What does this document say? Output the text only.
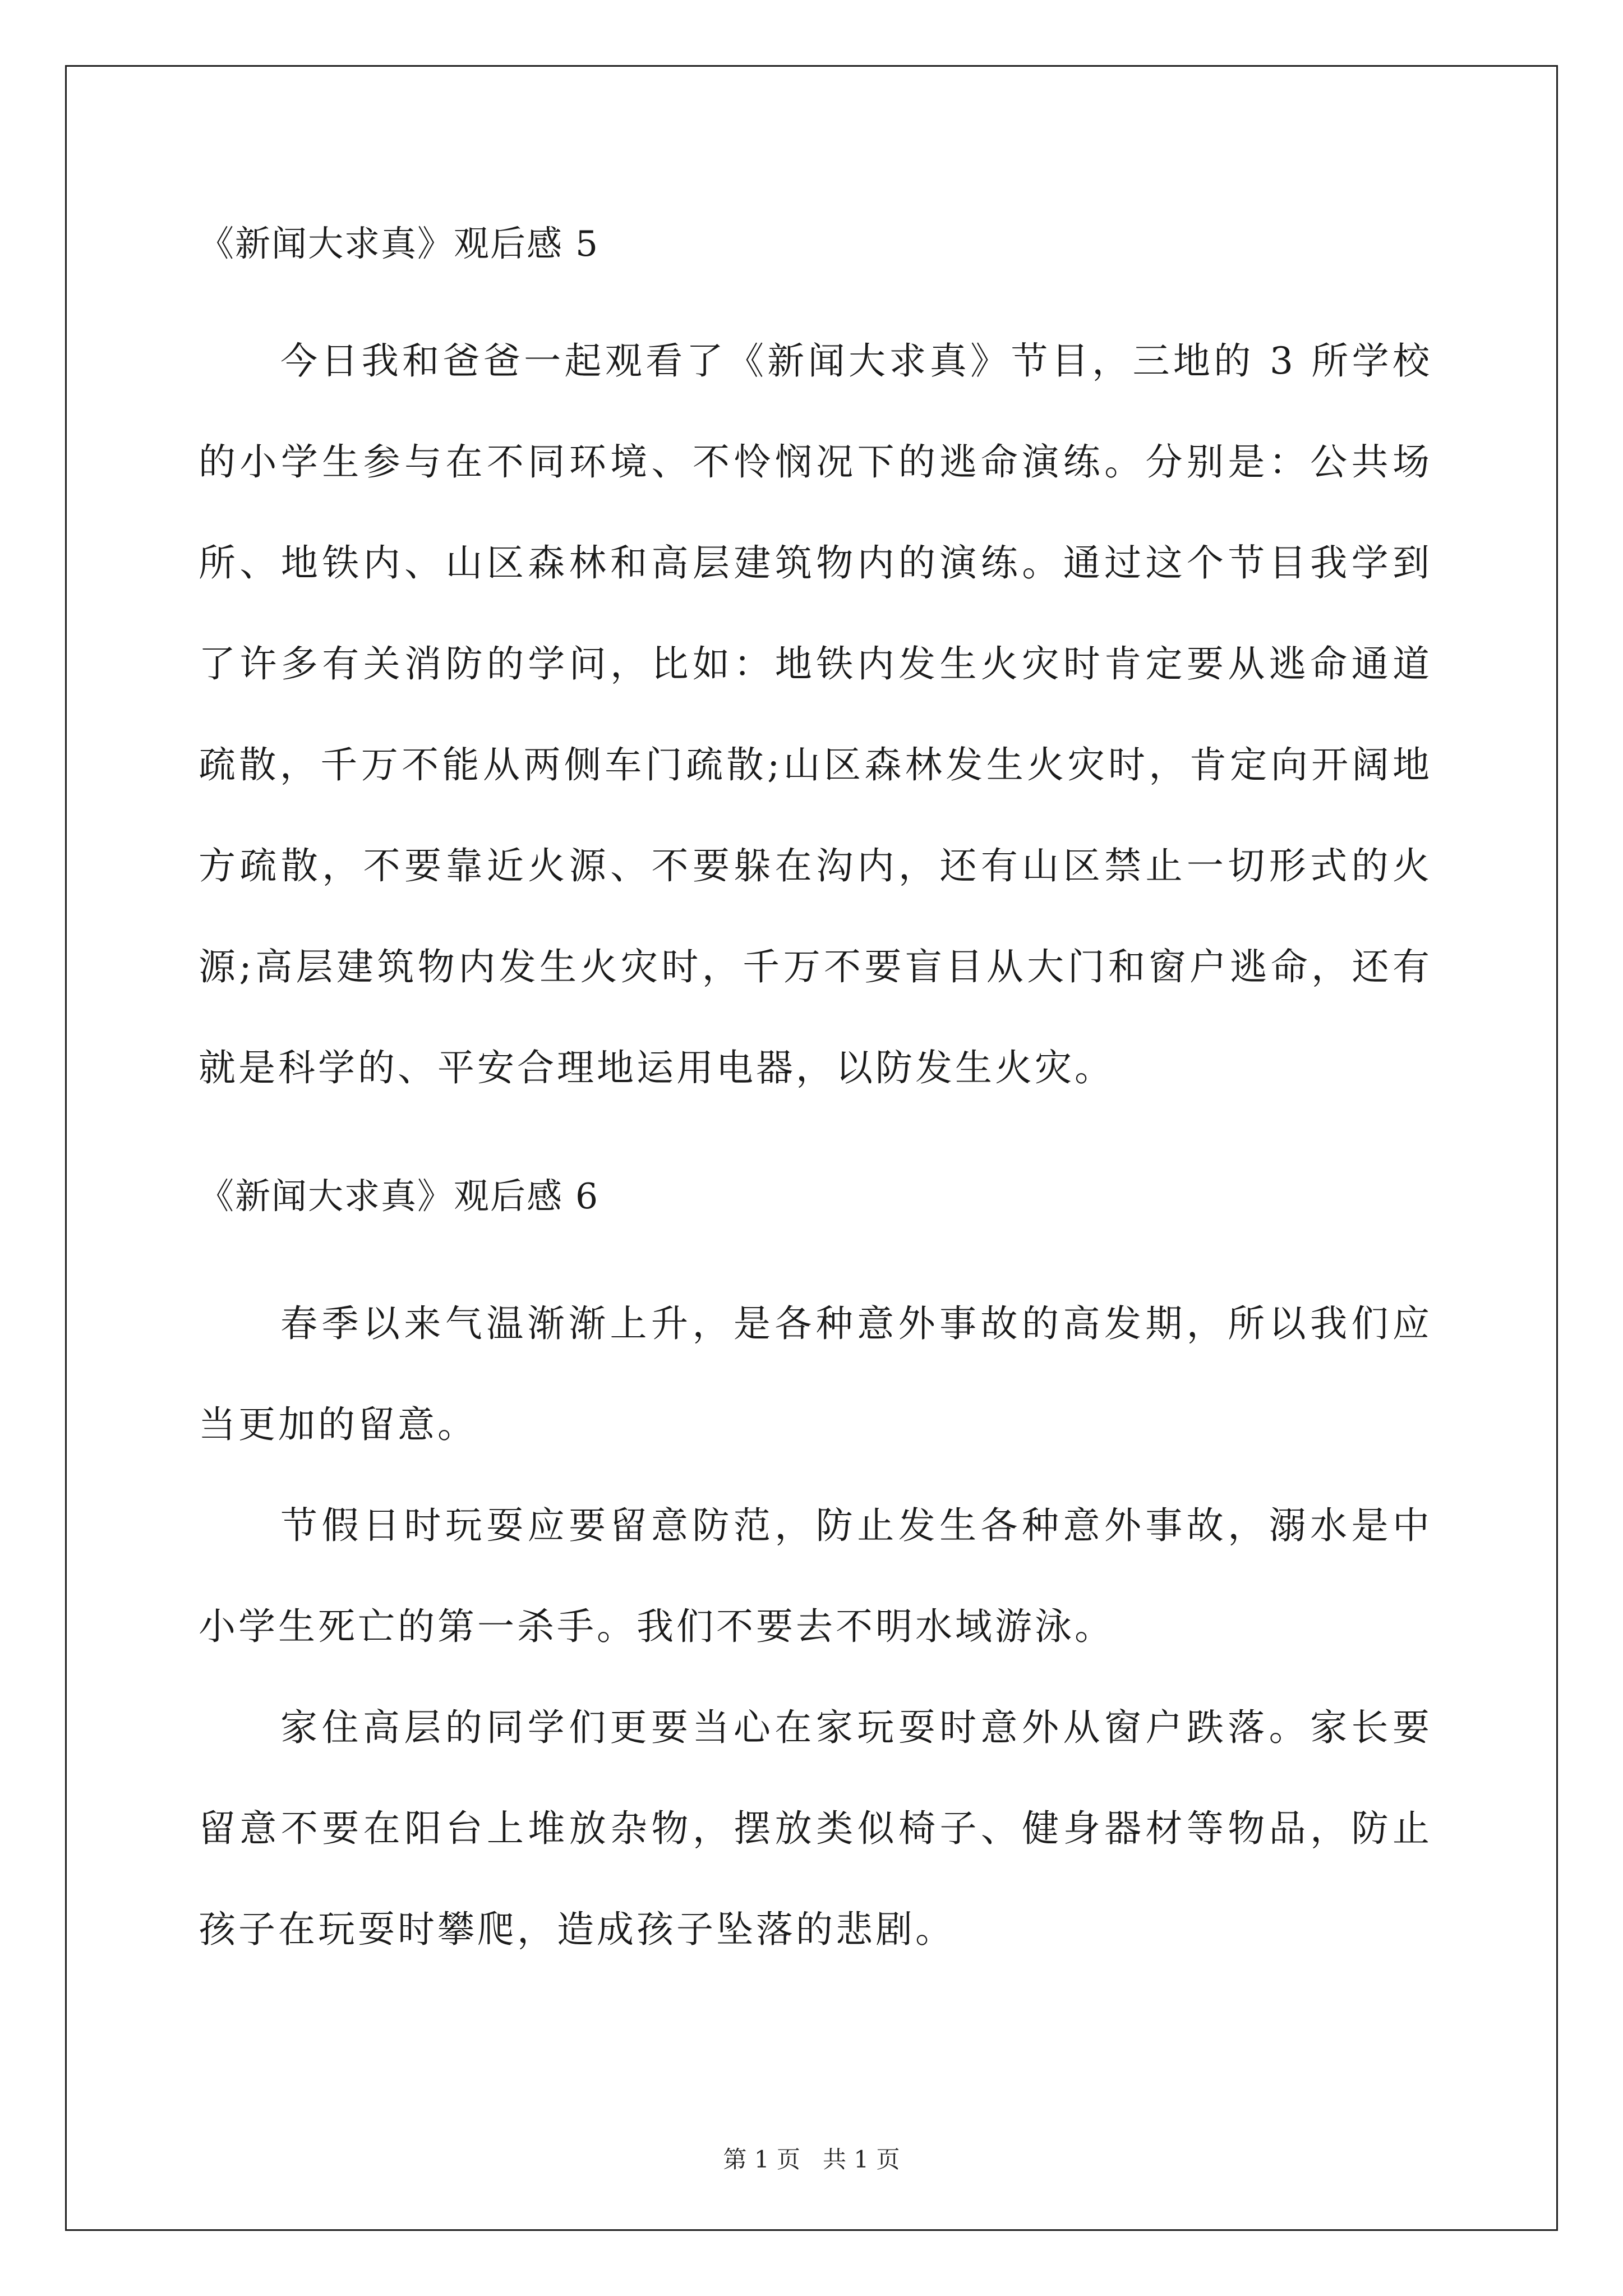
《新闻大求真》观后感 5

今日我和爸爸一起观看了《新闻大求真》节目，三地的 3 所学校的小学生参与在不同环境、不怜悯况下的逃命演练。分别是：公共场所、地铁内、山区森林和高层建筑物内的演练。通过这个节目我学到了许多有关消防的学问，比如：地铁内发生火灾时肯定要从逃命通道疏散，千万不能从两侧车门疏散;山区森林发生火灾时，肯定向开阔地方疏散，不要靠近火源、不要躲在沟内，还有山区禁止一切形式的火源;高层建筑物内发生火灾时，千万不要盲目从大门和窗户逃命，还有就是科学的、平安合理地运用电器，以防发生火灾。

《新闻大求真》观后感 6

春季以来气温渐渐上升，是各种意外事故的高发期，所以我们应当更加的留意。

节假日时玩耍应要留意防范，防止发生各种意外事故，溺水是中小学生死亡的第一杀手。我们不要去不明水域游泳。

家住高层的同学们更要当心在家玩耍时意外从窗户跌落。家长要留意不要在阳台上堆放杂物，摆放类似椅子、健身器材等物品，防止孩子在玩耍时攀爬，造成孩子坠落的悲剧。

第 1 页 共 1 页
